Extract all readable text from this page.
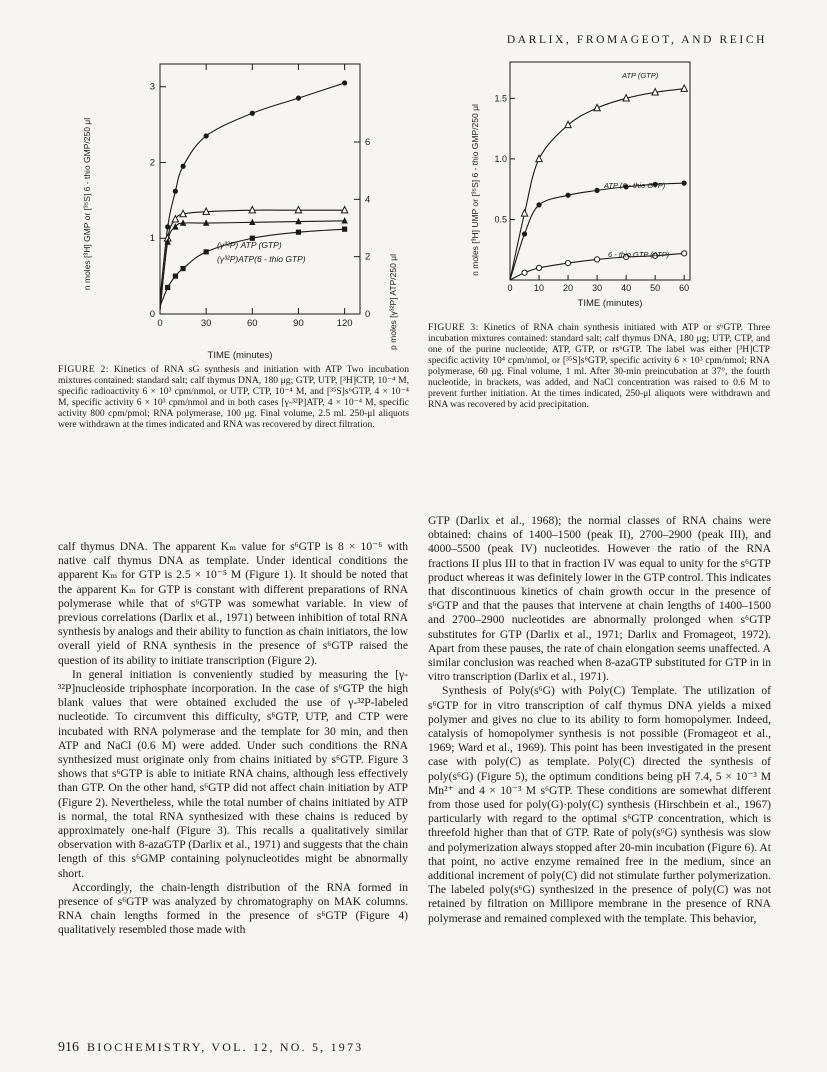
DARLIX, FROMAGEOT, AND REICH
0	30	60	90	120
0
1
2
3
0
2
4
6
(γ³²P) ATP (GTP)
(γ³²P)ATP(6 - thio GTP)
TIME (minutes)
n moles [³H] GMP or [³⁵S] 6 - thio GMP/250 μl
p moles [γ³²P] ATP/250 μl
FIGURE 2: Kinetics of RNA sG synthesis and initiation with ATP Two incubation mixtures contained: standard salt; calf thymus DNA, 180 μg; GTP, UTP, [³H]CTP, 10⁻⁴ M, specific radioactivity 6 × 10³ cpm/nmol, or UTP, CTP, 10⁻⁴ M, and [³⁵S]s⁶GTP, 4 × 10⁻⁴ M, specific activity 6 × 10³ cpm/nmol and in both cases [γ-³²P]ATP, 4 × 10⁻⁴ M, specific activity 800 cpm/pmol; RNA polymerase, 100 μg. Final volume, 2.5 ml. 250-μl aliquots were withdrawn at the times indicated and RNA was recovered by direct filtration.
0 10 20 30 40 50 60
0.5
1.0
1.5
ATP (GTP)
ATP (6 - thio GTP)
6 - thio GTP (ATP)
TIME (minutes)
n moles [³H] UMP or [³⁵S] 6 - thio GMP/250 μl
FIGURE 3: Kinetics of RNA chain synthesis initiated with ATP or s⁶GTP. Three incubation mixtures contained: standard salt; calf thymus DNA, 180 μg; UTP, CTP, and one of the purine nucleotide, ATP, GTP, or rs⁶GTP. The label was either [³H]CTP specific activity 10⁴ cpm/nmol, or [³⁵S]s⁶GTP, specific activity 6 × 10³ cpm/nmol; RNA polymerase, 60 μg. Final volume, 1 ml. After 30-min preincubation at 37°, the fourth nucleotide, in brackets, was added, and NaCl concentration was raised to 0.6 M to prevent further initiation. At the times indicated, 250-μl aliquots were withdrawn and RNA was recovered by acid precipitation.

calf thymus DNA. The apparent Kₘ value for s⁶GTP is 8 × 10⁻⁶ with native calf thymus DNA as template. Under identical conditions the apparent Kₘ for GTP is 2.5 × 10⁻⁵ M (Figure 1). It should be noted that the apparent Kₘ for GTP is constant with different preparations of RNA polymerase while that of s⁶GTP was somewhat variable. In view of previous correlations (Darlix et al., 1971) between inhibition of total RNA synthesis by analogs and their ability to function as chain initiators, the low overall yield of RNA synthesis in the presence of s⁶GTP raised the question of its ability to initiate transcription (Figure 2).

In general initiation is conveniently studied by measuring the [γ-³²P]nucleoside triphosphate incorporation. In the case of s⁶GTP the high blank values that were obtained excluded the use of γ-³²P-labeled nucleotide. To circumvent this difficulty, s⁶GTP, UTP, and CTP were incubated with RNA polymerase and the template for 30 min, and then ATP and NaCl (0.6 M) were added. Under such conditions the RNA synthesized must originate only from chains initiated by s⁶GTP. Figure 3 shows that s⁶GTP is able to initiate RNA chains, although less effectively than GTP. On the other hand, s⁶GTP did not affect chain initiation by ATP (Figure 2). Nevertheless, while the total number of chains initiated by ATP is normal, the total RNA synthesized with these chains is reduced by approximately one-half (Figure 3). This recalls a qualitatively similar observation with 8-azaGTP (Darlix et al., 1971) and suggests that the chain length of this s⁶GMP containing polynucleotides might be abnormally short.

Accordingly, the chain-length distribution of the RNA formed in presence of s⁶GTP was analyzed by chromatography on MAK columns. RNA chain lengths formed in the presence of s⁶GTP (Figure 4) qualitatively resembled those made with

GTP (Darlix et al., 1968); the normal classes of RNA chains were obtained: chains of 1400–1500 (peak II), 2700–2900 (peak III), and 4000–5500 (peak IV) nucleotides. However the ratio of the RNA fractions II plus III to that in fraction IV was equal to unity for the s⁶GTP product whereas it was definitely lower in the GTP control. This indicates that discontinuous kinetics of chain growth occur in the presence of s⁶GTP and that the pauses that intervene at chain lengths of 1400–1500 and 2700–2900 nucleotides are abnormally prolonged when s⁶GTP substitutes for GTP (Darlix et al., 1971; Darlix and Fromageot, 1972). Apart from these pauses, the rate of chain elongation seems unaffected. A similar conclusion was reached when 8-azaGTP substituted for GTP in in vitro transcription (Darlix et al., 1971).

Synthesis of Poly(s⁶G) with Poly(C) Template. The utilization of s⁶GTP for in vitro transcription of calf thymus DNA yields a mixed polymer and gives no clue to its ability to form homopolymer. Indeed, catalysis of homopolymer synthesis is not possible (Fromageot et al., 1969; Ward et al., 1969). This point has been investigated in the present case with poly(C) as template. Poly(C) directed the synthesis of poly(s⁶G) (Figure 5), the optimum conditions being pH 7.4, 5 × 10⁻³ M Mn²⁺ and 4 × 10⁻³ M s⁶GTP. These conditions are somewhat different from those used for poly(G)·poly(C) synthesis (Hirschbein et al., 1967) particularly with regard to the optimal s⁶GTP concentration, which is threefold higher than that of GTP. Rate of poly(s⁶G) synthesis was slow and polymerization always stopped after 20-min incubation (Figure 6). At that point, no active enzyme remained free in the medium, since an additional increment of poly(C) did not stimulate further polymerization. The labeled poly(s⁶G) synthesized in the presence of poly(C) was not retained by filtration on Millipore membrane in the presence of RNA polymerase and remained complexed with the template. This behavior,

916 BIOCHEMISTRY, VOL. 12, NO. 5, 1973
